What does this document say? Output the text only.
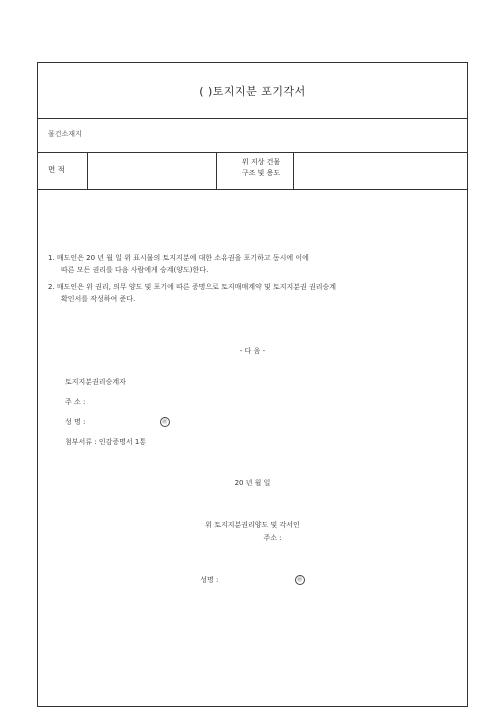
( )토지지분 포기각서
물건소재지
면 적
위 지상 건물
구조 및 용도
1. 매도인은 20 년 월 일 위 표시물의 토지지분에 대한 소유권을 포기하고 동시에 이에
따른 모든 권리를 다음 사람에게 승계(양도)한다.
2. 매도인은 위 권리, 의무 양도 및 포기에 따른 증명으로 토지매매계약 및 토지지분권 권리승계
확인서를 작성하여 준다.
- 다 음 -
토지지분권리승계자
주 소 :
성 명 :	㊞
첨부서류 : 인감증명서 1통
20 년 월 일
위 토지지분권리양도 및 각서인
주소 :
성명 :	㊞
